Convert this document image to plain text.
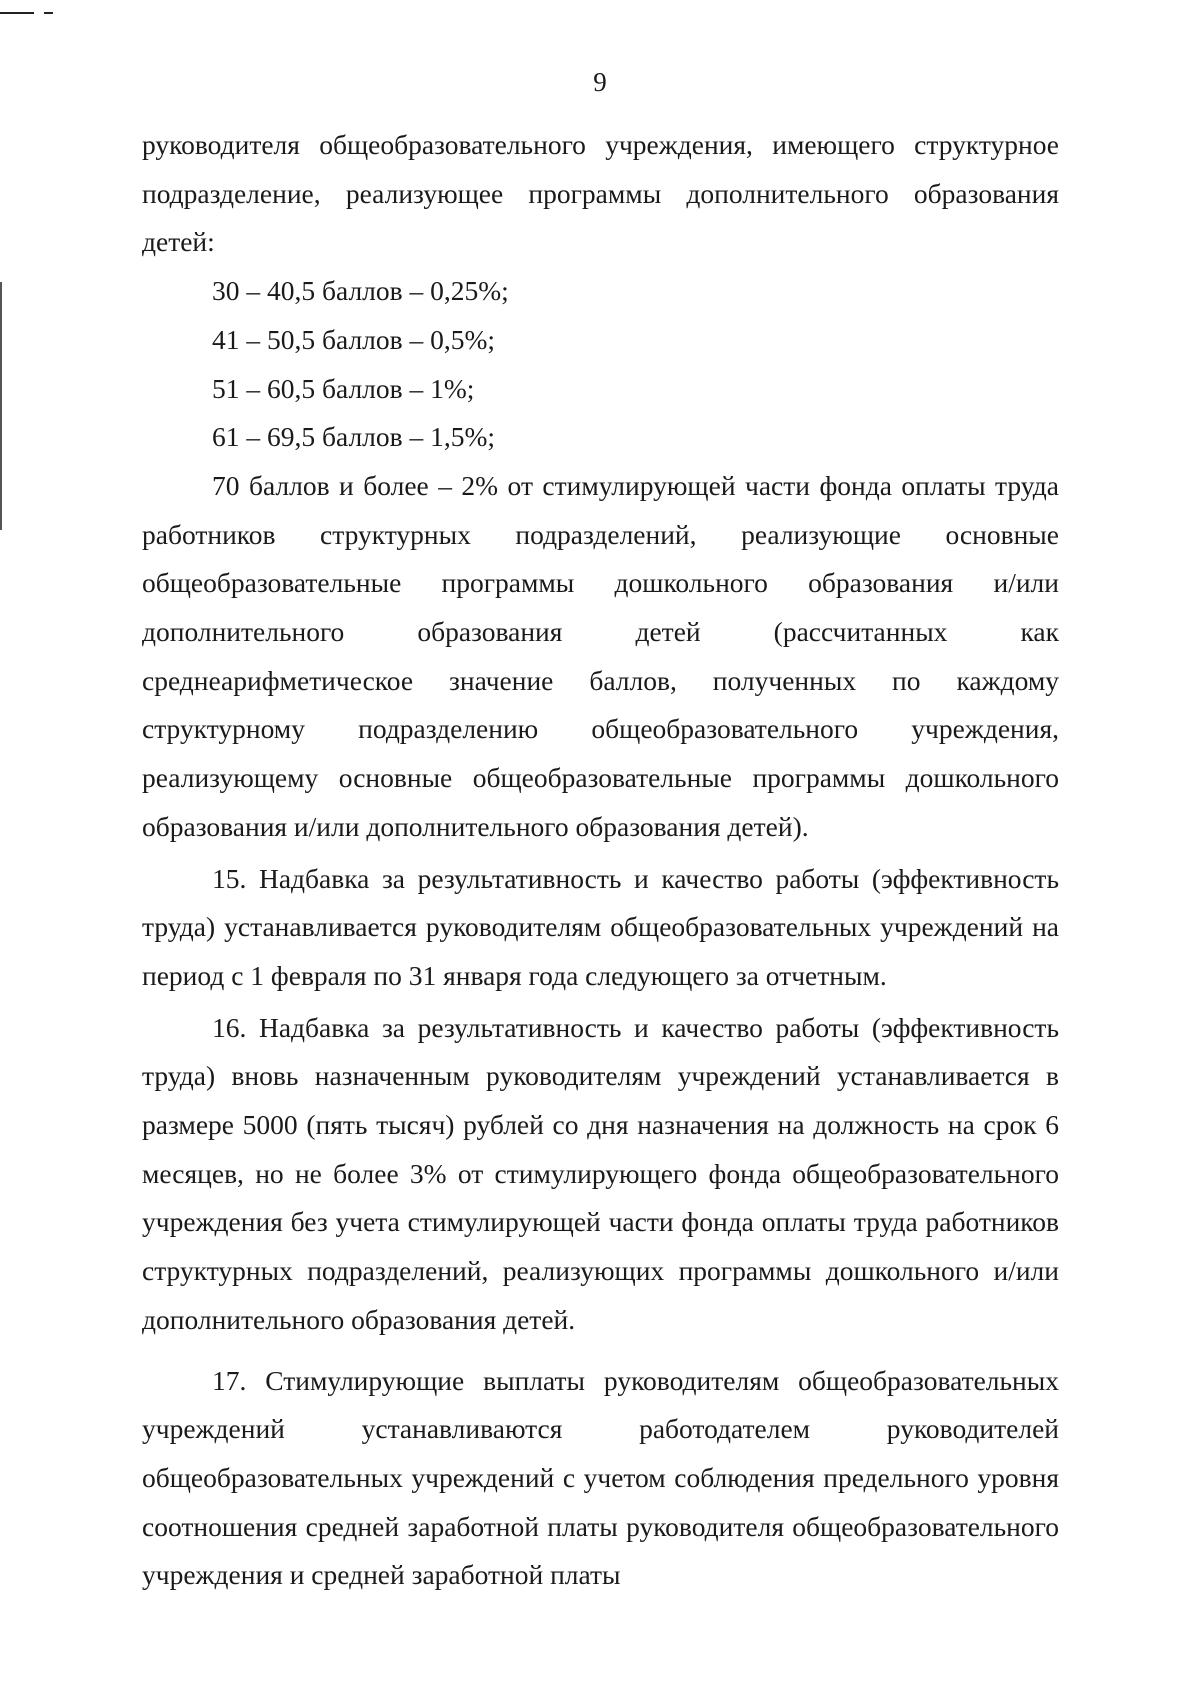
9

руководителя общеобразовательного учреждения, имеющего структурное подразделение, реализующее программы дополнительного образования детей:

30 – 40,5 баллов – 0,25%;

41 – 50,5 баллов – 0,5%;

51 – 60,5 баллов – 1%;

61 – 69,5 баллов – 1,5%;

70 баллов и более – 2% от стимулирующей части фонда оплаты труда работников структурных подразделений, реализующие основные общеобразовательные программы дошкольного образования и/или дополнительного образования детей (рассчитанных как среднеарифметическое значение баллов, полученных по каждому структурному подразделению общеобразовательного учреждения, реализующему основные общеобразовательные программы дошкольного образования и/или дополнительного образования детей).

15. Надбавка за результативность и качество работы (эффективность труда) устанавливается руководителям общеобразовательных учреждений на период с 1 февраля по 31 января года следующего за отчетным.

16. Надбавка за результативность и качество работы (эффективность труда) вновь назначенным руководителям учреждений устанавливается в размере 5000 (пять тысяч) рублей со дня назначения на должность на срок 6 месяцев, но не более 3% от стимулирующего фонда общеобразовательного учреждения без учета стимулирующей части фонда оплаты труда работников структурных подразделений, реализующих программы дошкольного и/или дополнительного образования детей.

17. Стимулирующие выплаты руководителям общеобразовательных учреждений устанавливаются работодателем руководителей общеобразовательных учреждений с учетом соблюдения предельного уровня соотношения средней заработной платы руководителя общеобразовательного учреждения и средней заработной платы
